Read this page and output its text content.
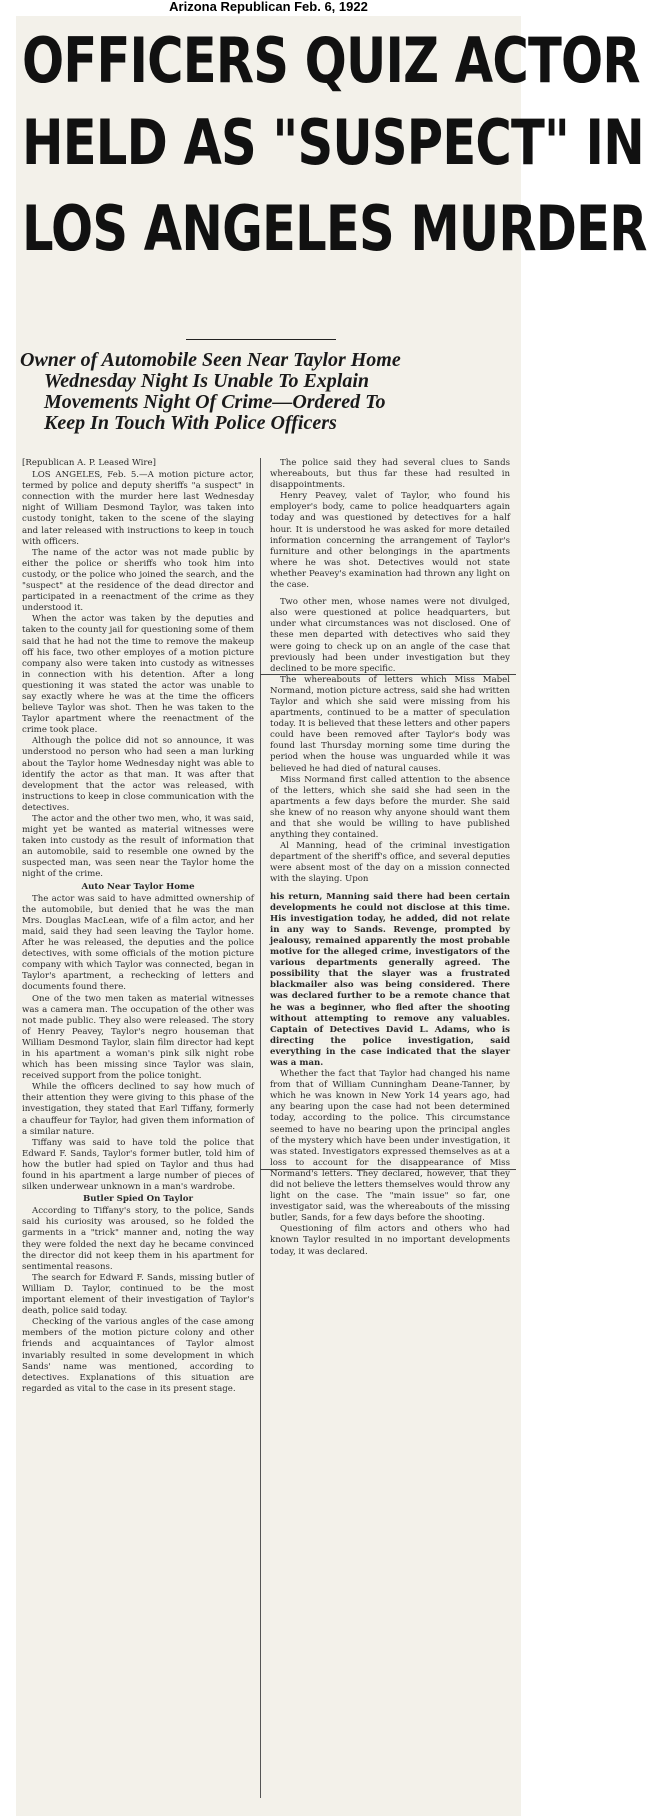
Arizona Republican Feb. 6, 1922
OFFICERS QUIZ ACTOR
HELD AS "SUSPECT" IN
LOS ANGELES MURDER
Owner of Automobile Seen Near Taylor Home
Wednesday Night Is Unable To Explain
Movements Night Of Crime—Ordered To
Keep In Touch With Police Officers
[Republican A. P. Leased Wire]

LOS ANGELES, Feb. 5.—A motion picture actor, termed by police and deputy sheriffs "a suspect" in connection with the murder here last Wednesday night of William Desmond Taylor, was taken into custody tonight, taken to the scene of the slaying and later released with instructions to keep in touch with officers.

The name of the actor was not made public by either the police or sheriffs who took him into custody, or the police who joined the search, and the "suspect" at the residence of the dead director and participated in a reenactment of the crime as they understood it.

When the actor was taken by the deputies and taken to the county jail for questioning some of them said that he had not the time to remove the makeup off his face, two other employes of a motion picture company also were taken into custody as witnesses in connection with his detention. After a long questioning it was stated the actor was unable to say exactly where he was at the time the officers believe Taylor was shot. Then he was taken to the Taylor apartment where the reenactment of the crime took place.

Although the police did not so announce, it was understood no person who had seen a man lurking about the Taylor home Wednesday night was able to identify the actor as that man. It was after that development that the actor was released, with instructions to keep in close communication with the detectives.

The actor and the other two men, who, it was said, might yet be wanted as material witnesses were taken into custody as the result of information that an automobile, said to resemble one owned by the suspected man, was seen near the Taylor home the night of the crime.

Auto Near Taylor Home

The actor was said to have admitted ownership of the automobile, but denied that he was the man Mrs. Douglas MacLean, wife of a film actor, and her maid, said they had seen leaving the Taylor home. After he was released, the deputies and the police detectives, with some officials of the motion picture company with which Taylor was connected, began in Taylor's apartment, a rechecking of letters and documents found there.

One of the two men taken as material witnesses was a camera man. The occupation of the other was not made public. They also were released. The story of Henry Peavey, Taylor's negro houseman that William Desmond Taylor, slain film director had kept in his apartment a woman's pink silk night robe which has been missing since Taylor was slain, received support from the police tonight.

While the officers declined to say how much of their attention they were giving to this phase of the investigation, they stated that Earl Tiffany, formerly a chauffeur for Taylor, had given them information of a similar nature.

Tiffany was said to have told the police that Edward F. Sands, Taylor's former butler, told him of how the butler had spied on Taylor and thus had found in his apartment a large number of pieces of silken underwear unknown in a man's wardrobe.

Butler Spied On Taylor

According to Tiffany's story, to the police, Sands said his curiosity was aroused, so he folded the garments in a "trick" manner and, noting the way they were folded the next day he became convinced the director did not keep them in his apartment for sentimental reasons.

The search for Edward F. Sands, missing butler of William D. Taylor, continued to be the most important element of their investigation of Taylor's death, police said today.

Checking of the various angles of the case among members of the motion picture colony and other friends and acquaintances of Taylor almost invariably resulted in some development in which Sands' name was mentioned, according to detectives. Explanations of this situation are regarded as vital to the case in its present stage.

The police said they had several clues to Sands whereabouts, but thus far these had resulted in disappointments.

Henry Peavey, valet of Taylor, who found his employer's body, came to police headquarters again today and was questioned by detectives for a half hour. It is understood he was asked for more detailed information concerning the arrangement of Taylor's furniture and other belongings in the apartments where he was shot. Detectives would not state whether Peavey's examination had thrown any light on the case.

Two other men, whose names were not divulged, also were questioned at police headquarters, but under what circumstances was not disclosed. One of these men departed with detectives who said they were going to check up on an angle of the case that previously had been under investigation but they declined to be more specific.

The whereabouts of letters which Miss Mabel Normand, motion picture actress, said she had written Taylor and which she said were missing from his apartments, continued to be a matter of speculation today. It is believed that these letters and other papers could have been removed after Taylor's body was found last Thursday morning some time during the period when the house was unguarded while it was believed he had died of natural causes.

Miss Normand first called attention to the absence of the letters, which she said she had seen in the apartments a few days before the murder. She said she knew of no reason why anyone should want them and that she would be willing to have published anything they contained.

Al Manning, head of the criminal investigation department of the sheriff's office, and several deputies were absent most of the day on a mission connected with the slaying. Upon

his return, Manning said there had been certain developments he could not disclose at this time. His investigation today, he added, did not relate in any way to Sands. Revenge, prompted by jealousy, remained apparently the most probable motive for the alleged crime, investigators of the various departments generally agreed. The possibility that the slayer was a frustrated blackmailer also was being considered. There was declared further to be a remote chance that he was a beginner, who fled after the shooting without attempting to remove any valuables. Captain of Detectives David L. Adams, who is directing the police investigation, said everything in the case indicated that the slayer was a man.

Whether the fact that Taylor had changed his name from that of William Cunningham Deane-Tanner, by which he was known in New York 14 years ago, had any bearing upon the case had not been determined today, according to the police. This circumstance seemed to have no bearing upon the principal angles of the mystery which have been under investigation, it was stated. Investigators expressed themselves as at a loss to account for the disappearance of Miss Normand's letters. They declared, however, that they did not believe the letters themselves would throw any light on the case. The "main issue" so far, one investigator said, was the whereabouts of the missing butler, Sands, for a few days before the shooting.

Questioning of film actors and others who had known Taylor resulted in no important developments today, it was declared.
